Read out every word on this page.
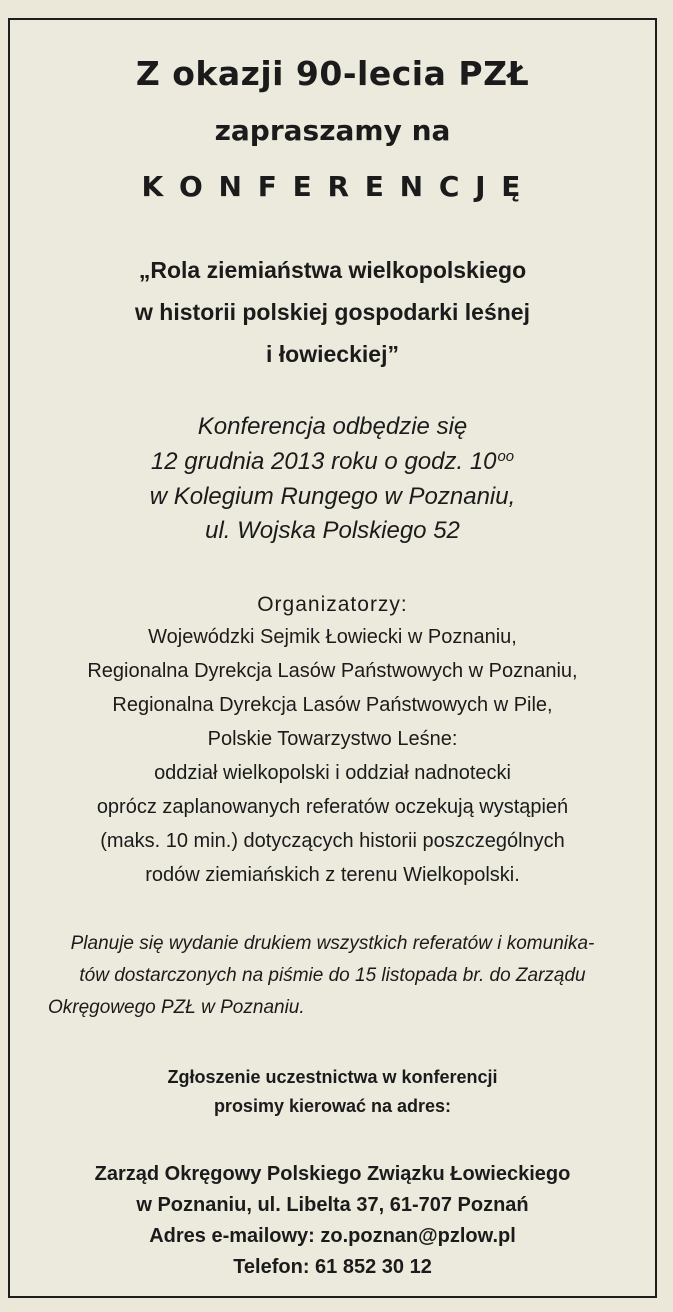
Z okazji 90-lecia PZŁ
zapraszamy na
K O N F E R E N C J Ę
„Rola ziemiaństwa wielkopolskiego
w historii polskiej gospodarki leśnej
i łowieckiej”
Konferencja odbędzie się
12 grudnia 2013 roku o godz. $10^{oo}$
w Kolegium Rungego w Poznaniu,
ul. Wojska Polskiego 52
Organizatorzy:
Wojewódzki Sejmik Łowiecki w Poznaniu,
Regionalna Dyrekcja Lasów Państwowych w Poznaniu,
Regionalna Dyrekcja Lasów Państwowych w Pile,
Polskie Towarzystwo Leśne:
oddział wielkopolski i oddział nadnotecki
oprócz zaplanowanych referatów oczekują wystąpień
(maks. 10 min.) dotyczących historii poszczególnych
rodów ziemiańskich z terenu Wielkopolski.
Planuje się wydanie drukiem wszystkich referatów i komunika-
tów dostarczonych na piśmie do 15 listopada br. do Zarządu
Okręgowego PZŁ w Poznaniu.
Zgłoszenie uczestnictwa w konferencji
prosimy kierować na adres:
Zarząd Okręgowy Polskiego Związku Łowieckiego
w Poznaniu, ul. Libelta 37, 61-707 Poznań
Adres e-mailowy: zo.poznan@pzlow.pl
Telefon: 61 852 30 12
